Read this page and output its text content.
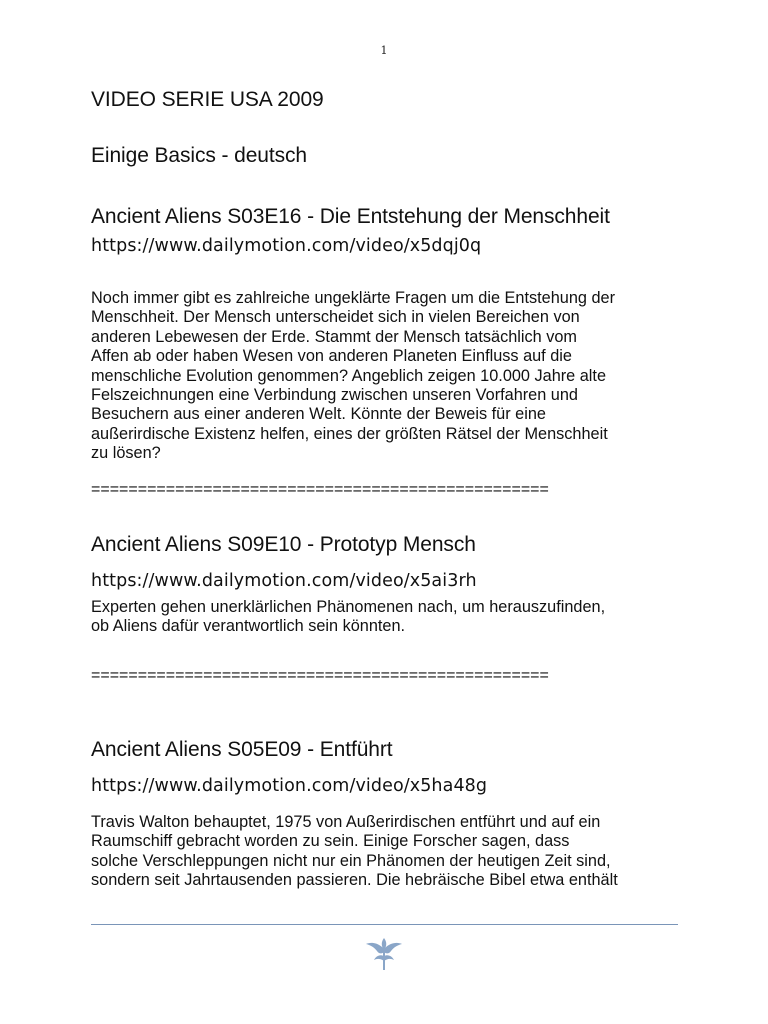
1
VIDEO SERIE USA 2009
Einige Basics - deutsch
Ancient Aliens S03E16 - Die Entstehung der Menschheit
https://www.dailymotion.com/video/x5dqj0q
Noch immer gibt es zahlreiche ungeklärte Fragen um die Entstehung der
Menschheit. Der Mensch unterscheidet sich in vielen Bereichen von
anderen Lebewesen der Erde. Stammt der Mensch tatsächlich vom
Affen ab oder haben Wesen von anderen Planeten Einfluss auf die
menschliche Evolution genommen? Angeblich zeigen 10.000 Jahre alte
Felszeichnungen eine Verbindung zwischen unseren Vorfahren und
Besuchern aus einer anderen Welt. Könnte der Beweis für eine
außerirdische Existenz helfen, eines der größten Rätsel der Menschheit
zu lösen?
=================================================
Ancient Aliens S09E10 - Prototyp Mensch
https://www.dailymotion.com/video/x5ai3rh
Experten gehen unerklärlichen Phänomenen nach, um herauszufinden,
ob Aliens dafür verantwortlich sein könnten.
=================================================
Ancient Aliens S05E09 - Entführt
https://www.dailymotion.com/video/x5ha48g
Travis Walton behauptet, 1975 von Außerirdischen entführt und auf ein
Raumschiff gebracht worden zu sein. Einige Forscher sagen, dass
solche Verschleppungen nicht nur ein Phänomen der heutigen Zeit sind,
sondern seit Jahrtausenden passieren. Die hebräische Bibel etwa enthält
